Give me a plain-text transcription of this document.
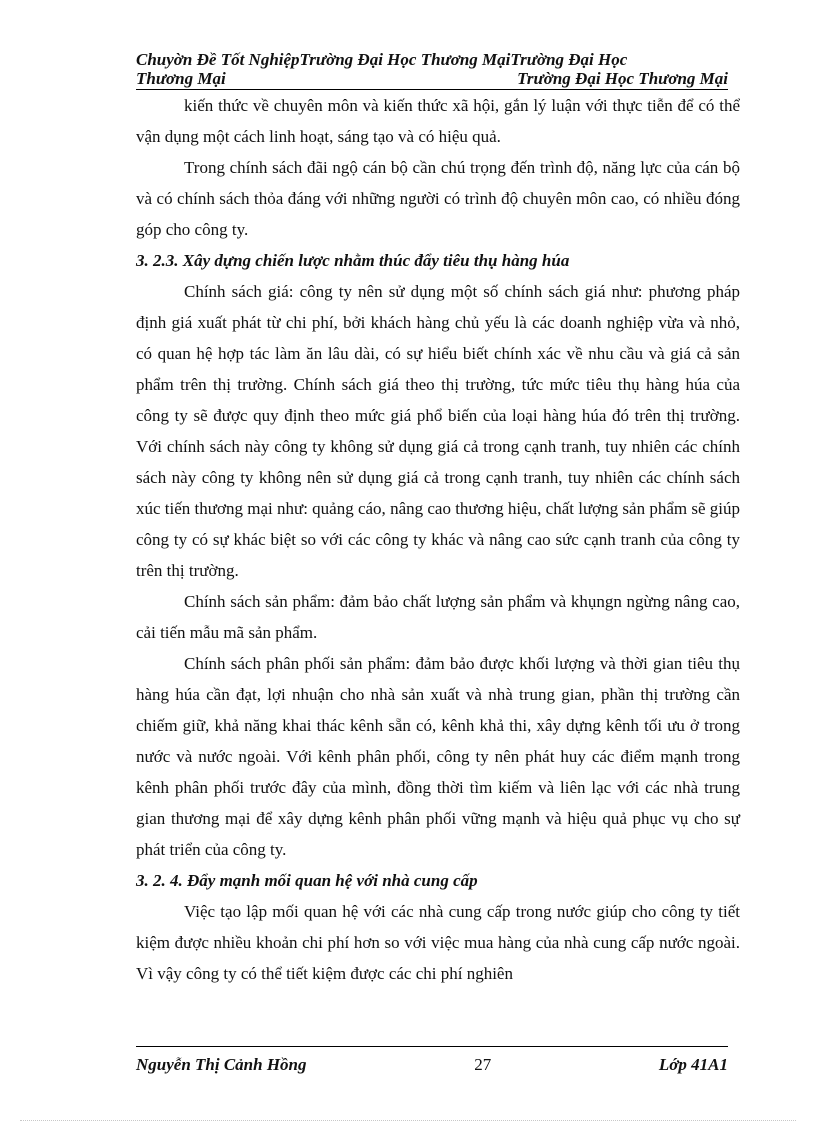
Chuyờn Đề Tốt NghiệpTrường Đại Học Thương MạiTrường Đại Học
Thương Mại	Trường Đại Học Thương Mại

kiến thức về chuyên môn và kiến thức xã hội, gắn lý luận với thực tiễn để có thể vận dụng một cách linh hoạt, sáng tạo và có hiệu quả.

Trong chính sách đãi ngộ cán bộ cần chú trọng đến trình độ, năng lực của cán bộ và có chính sách thỏa đáng với những người có trình độ chuyên môn cao, có nhiều đóng góp cho công ty.

3. 2.3. Xây dựng chiến lược nhằm thúc đẩy tiêu thụ hàng húa

Chính sách giá: công ty nên sử dụng một số chính sách giá như: phương pháp định giá xuất phát từ chi phí, bởi khách hàng chủ yếu là các doanh nghiệp vừa và nhỏ, có quan hệ hợp tác làm ăn lâu dài, có sự hiểu biết chính xác về nhu cầu và giá cả sản phẩm trên thị trường. Chính sách giá theo thị trường, tức mức tiêu thụ hàng húa của công ty sẽ được quy định theo mức giá phổ biến của loại hàng húa đó trên thị trường. Với chính sách này công ty không sử dụng giá cả trong cạnh tranh, tuy nhiên các chính sách này công ty không nên sử dụng giá cả trong cạnh tranh, tuy nhiên các chính sách xúc tiến thương mại như: quảng cáo, nâng cao thương hiệu, chất lượng sản phẩm sẽ giúp công ty có sự khác biệt so với các công ty khác và nâng cao sức cạnh tranh của công ty trên thị trường.

Chính sách sản phẩm: đảm bảo chất lượng sản phẩm và khụngn ngừng nâng cao, cải tiến mẫu mã sản phẩm.

Chính sách phân phối sản phẩm: đảm bảo được khối lượng và thời gian tiêu thụ hàng húa cần đạt, lợi nhuận cho nhà sản xuất và nhà trung gian, phần thị trường cần chiếm giữ, khả năng khai thác kênh sẵn có, kênh khả thi, xây dựng kênh tối ưu ở trong nước và nước ngoài. Với kênh phân phối, công ty nên phát huy các điểm mạnh trong kênh phân phối trước đây của mình, đồng thời tìm kiếm và liên lạc với các nhà trung gian thương mại để xây dựng kênh phân phối vững mạnh và hiệu quả phục vụ cho sự phát triển của công ty.

3. 2. 4. Đẩy mạnh mối quan hệ với nhà cung cấp

Việc tạo lập mối quan hệ với các nhà cung cấp trong nước giúp cho công ty tiết kiệm được nhiều khoản chi phí hơn so với việc mua hàng của nhà cung cấp nước ngoài. Vì vậy công ty có thể tiết kiệm được các chi phí nghiên

Nguyễn Thị Cảnh Hồng	27	Lớp 41A1
